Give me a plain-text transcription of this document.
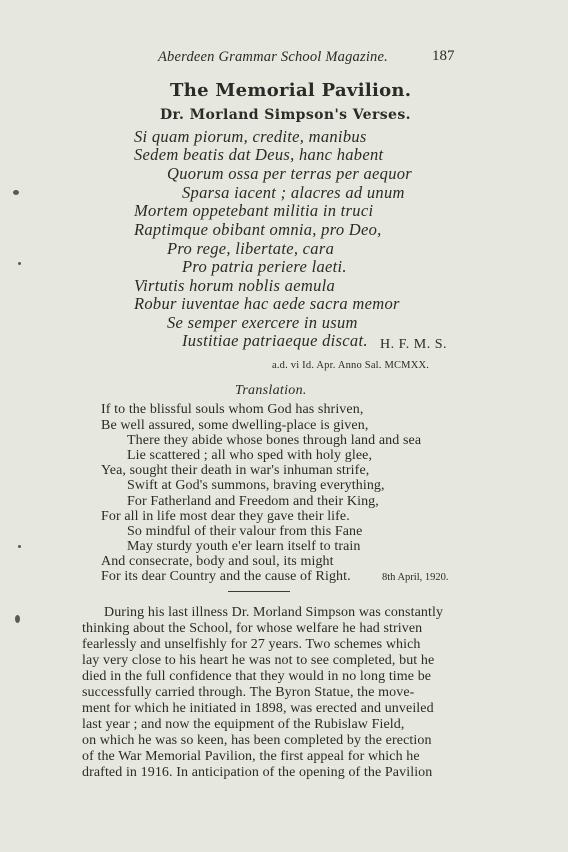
Aberdeen Grammar School Magazine.	187
The Memorial Pavilion.
Dr. Morland Simpson's Verses.
Si quam piorum, credite, manibus
Sedem beatis dat Deus, hanc habent
Quorum ossa per terras per aequor
Sparsa iacent ; alacres ad unum
Mortem oppetebant militia in truci
Raptimque obibant omnia, pro Deo,
Pro rege, libertate, cara
Pro patria periere laeti.
Virtutis horum noblis aemula
Robur iuventae hac aede sacra memor
Se semper exercere in usum
Iustitiae patriaeque discat. H. F. M. S.
a.d. vi Id. Apr. Anno Sal. MCMXX.
Translation.
If to the blissful souls whom God has shriven,
Be well assured, some dwelling-place is given,
There they abide whose bones through land and sea
Lie scattered ; all who sped with holy glee,
Yea, sought their death in war's inhuman strife,
Swift at God's summons, braving everything,
For Fatherland and Freedom and their King,
For all in life most dear they gave their life.
So mindful of their valour from this Fane
May sturdy youth e'er learn itself to train
And consecrate, body and soul, its might
For its dear Country and the cause of Right.	8th April, 1920.
During his last illness Dr. Morland Simpson was constantly
thinking about the School, for whose welfare he had striven
fearlessly and unselfishly for 27 years. Two schemes which
lay very close to his heart he was not to see completed, but he
died in the full confidence that they would in no long time be
successfully carried through. The Byron Statue, the move-
ment for which he initiated in 1898, was erected and unveiled
last year ; and now the equipment of the Rubislaw Field,
on which he was so keen, has been completed by the erection
of the War Memorial Pavilion, the first appeal for which he
drafted in 1916. In anticipation of the opening of the Pavilion
